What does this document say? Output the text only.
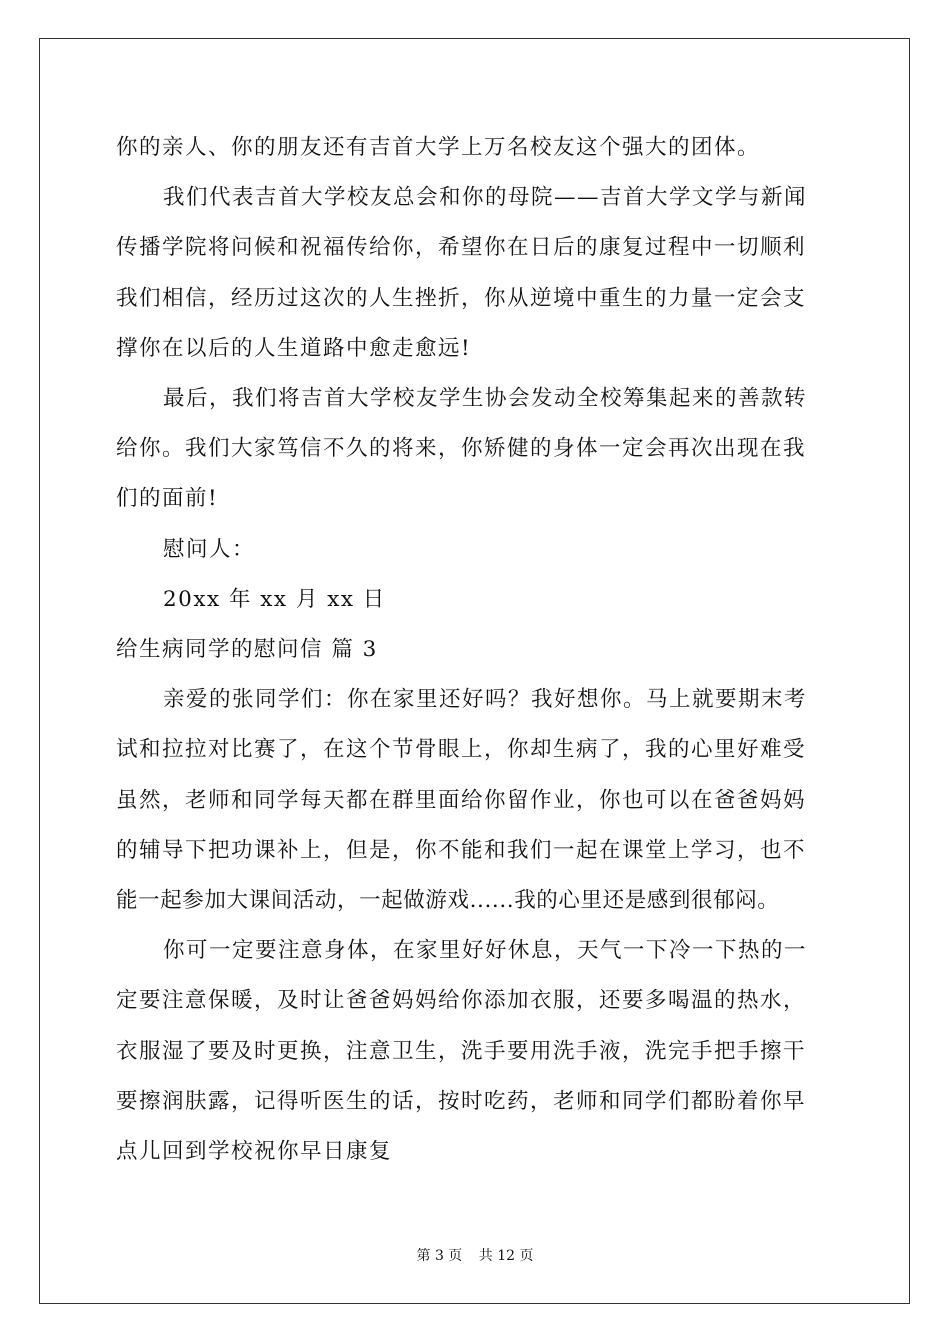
你的亲人、你的朋友还有吉首大学上万名校友这个强大的团体。
我们代表吉首大学校友总会和你的母院——吉首大学文学与新闻
传播学院将问候和祝福传给你，希望你在日后的康复过程中一切顺利
我们相信，经历过这次的人生挫折，你从逆境中重生的力量一定会支
撑你在以后的人生道路中愈走愈远!
最后，我们将吉首大学校友学生协会发动全校筹集起来的善款转
给你。我们大家笃信不久的将来，你矫健的身体一定会再次出现在我
们的面前!
慰问人：
20xx 年 xx 月 xx 日
给生病同学的慰问信 篇 3
亲爱的张同学们：你在家里还好吗？我好想你。马上就要期末考
试和拉拉对比赛了，在这个节骨眼上，你却生病了，我的心里好难受
虽然，老师和同学每天都在群里面给你留作业，你也可以在爸爸妈妈
的辅导下把功课补上，但是，你不能和我们一起在课堂上学习，也不
能一起参加大课间活动，一起做游戏......我的心里还是感到很郁闷。
你可一定要注意身体，在家里好好休息，天气一下冷一下热的一
定要注意保暖，及时让爸爸妈妈给你添加衣服，还要多喝温的热水，
衣服湿了要及时更换，注意卫生，洗手要用洗手液，洗完手把手擦干
要擦润肤露，记得听医生的话，按时吃药，老师和同学们都盼着你早
点儿回到学校祝你早日康复
第 3 页 共 12 页
